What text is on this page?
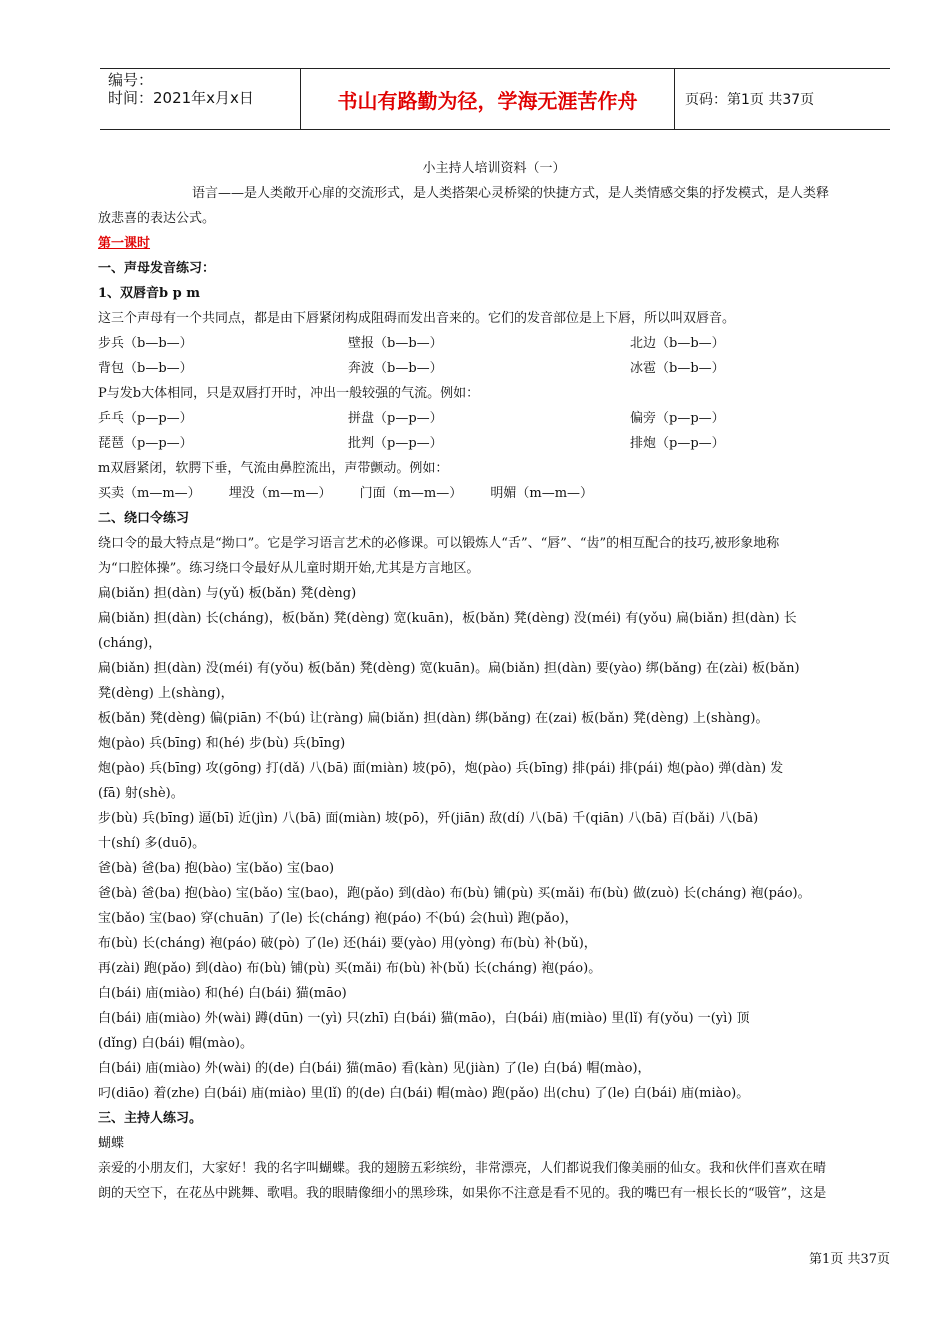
编号：
时间：2021年x月x日	书山有路勤为径，学海无涯苦作舟	页码：第1页 共37页
小主持人培训资料（一）
语言——是人类敞开心扉的交流形式，是人类搭架心灵桥梁的快捷方式，是人类情感交集的抒发模式，是人类释
放悲喜的表达公式。
第一课时
一、声母发音练习：
1、双唇音b p m
这三个声母有一个共同点，都是由下唇紧闭构成阻碍而发出音来的。它们的发音部位是上下唇，所以叫双唇音。
步兵（b—b—）	壁报（b—b—）	北边（b—b—）
背包（b—b—）	奔波（b—b—）	冰雹（b—b—）
P与发b大体相同，只是双唇打开时，冲出一般较强的气流。例如：
乒乓（p—p—）	拼盘（p—p—）	偏旁（p—p—）
琵琶（p—p—）	批判（p—p—）	排炮（p—p—）
m双唇紧闭，软腭下垂，气流由鼻腔流出，声带颤动。例如：
买卖（m—m—） 埋没（m—m—） 门面（m—m—） 明媚（m—m—）
二、绕口令练习
绕口令的最大特点是“拗口”。它是学习语言艺术的必修课。可以锻炼人“舌”、“唇”、“齿”的相互配合的技巧,被形象地称
为“口腔体操”。练习绕口令最好从儿童时期开始,尤其是方言地区。
扁(biǎn) 担(dàn) 与(yǔ) 板(bǎn) 凳(dèng)
扁(biǎn) 担(dàn) 长(cháng)，板(bǎn) 凳(dèng) 宽(kuān)，板(bǎn) 凳(dèng) 没(méi) 有(yǒu) 扁(biǎn) 担(dàn) 长
(cháng)，
扁(biǎn) 担(dàn) 没(méi) 有(yǒu) 板(bǎn) 凳(dèng) 宽(kuān)。扁(biǎn) 担(dàn) 要(yào) 绑(bǎng) 在(zài) 板(bǎn)
凳(dèng) 上(shàng)，
板(bǎn) 凳(dèng) 偏(piān) 不(bú) 让(ràng) 扁(biǎn) 担(dàn) 绑(bǎng) 在(zai) 板(bǎn) 凳(dèng) 上(shàng)。
炮(pào) 兵(bīng) 和(hé) 步(bù) 兵(bīng)
炮(pào) 兵(bīng) 攻(gōng) 打(dǎ) 八(bā) 面(miàn) 坡(pō)，炮(pào) 兵(bīng) 排(pái) 排(pái) 炮(pào) 弹(dàn) 发
(fā) 射(shè)。
步(bù) 兵(bīng) 逼(bī) 近(jìn) 八(bā) 面(miàn) 坡(pō)，歼(jiān) 敌(dí) 八(bā) 千(qiān) 八(bā) 百(bǎi) 八(bā)
十(shí) 多(duō)。
爸(bà) 爸(ba) 抱(bào) 宝(bǎo) 宝(bao)
爸(bà) 爸(ba) 抱(bào) 宝(bǎo) 宝(bao)，跑(pǎo) 到(dào) 布(bù) 铺(pù) 买(mǎi) 布(bù) 做(zuò) 长(cháng) 袍(páo)。
宝(bǎo) 宝(bao) 穿(chuān) 了(le) 长(cháng) 袍(páo) 不(bú) 会(huì) 跑(pǎo)，
布(bù) 长(cháng) 袍(páo) 破(pò) 了(le) 还(hái) 要(yào) 用(yòng) 布(bù) 补(bǔ)，
再(zài) 跑(pǎo) 到(dào) 布(bù) 铺(pù) 买(mǎi) 布(bù) 补(bǔ) 长(cháng) 袍(páo)。
白(bái) 庙(miào) 和(hé) 白(bái) 猫(māo)
白(bái) 庙(miào) 外(wài) 蹲(dūn) 一(yì) 只(zhī) 白(bái) 猫(māo)，白(bái) 庙(miào) 里(lǐ) 有(yǒu) 一(yì) 顶
(dǐng) 白(bái) 帽(mào)。
白(bái) 庙(miào) 外(wài) 的(de) 白(bái) 猫(māo) 看(kàn) 见(jiàn) 了(le) 白(bá) 帽(mào)，
叼(diāo) 着(zhe) 白(bái) 庙(miào) 里(lǐ) 的(de) 白(bái) 帽(mào) 跑(pǎo) 出(chu) 了(le) 白(bái) 庙(miào)。
三、主持人练习。
蝴蝶
亲爱的小朋友们，大家好！我的名字叫蝴蝶。我的翅膀五彩缤纷，非常漂亮，人们都说我们像美丽的仙女。我和伙伴们喜欢在晴
朗的天空下，在花丛中跳舞、歌唱。我的眼睛像细小的黑珍珠，如果你不注意是看不见的。我的嘴巴有一根长长的“吸管”，这是
第1页 共37页
